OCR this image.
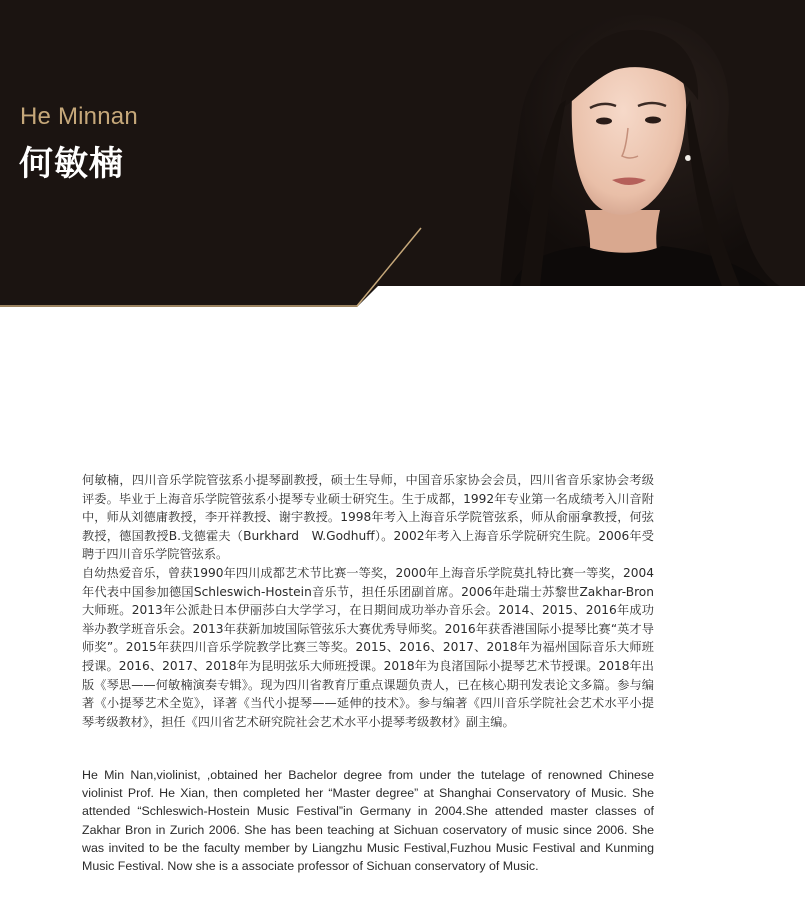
He Minnan
何敏楠

何敏楠，四川音乐学院管弦系小提琴副教授，硕士生导师，中国音乐家协会会员，四川省音乐家协会考级评委。毕业于上海音乐学院管弦系小提琴专业硕士研究生。生于成都，1992年专业第一名成绩考入川音附中，师从刘德庸教授，李开祥教授、谢宇教授。1998年考入上海音乐学院管弦系，师从俞丽拿教授，何弦教授，德国教授B.戈德霍夫（Burkhard　W.Godhuff）。2002年考入上海音乐学院研究生院。2006年受聘于四川音乐学院管弦系。

自幼热爱音乐，曾获1990年四川成都艺术节比赛一等奖，2000年上海音乐学院莫扎特比赛一等奖，2004年代表中国参加德国Schleswich-Hostein音乐节，担任乐团副首席。2006年赴瑞士苏黎世Zakhar-Bron大师班。2013年公派赴日本伊丽莎白大学学习，在日期间成功举办音乐会。2014、2015、2016年成功举办教学班音乐会。2013年获新加坡国际管弦乐大赛优秀导师奖。2016年获香港国际小提琴比赛“英才导师奖”。2015年获四川音乐学院教学比赛三等奖。2015、2016、2017、2018年为福州国际音乐大师班授课。2016、2017、2018年为昆明弦乐大师班授课。2018年为良渚国际小提琴艺术节授课。2018年出版《琴思——何敏楠演奏专辑》。现为四川省教育厅重点课题负责人，已在核心期刊发表论文多篇。参与编著《小提琴艺术全览》，译著《当代小提琴——延伸的技术》。参与编著《四川音乐学院社会艺术水平小提琴考级教材》，担任《四川省艺术研究院社会艺术水平小提琴考级教材》副主编。

He Min Nan,violinist, ,obtained her Bachelor degree from under the tutelage of renowned Chinese violinist Prof. He Xian, then completed her “Master degree” at Shanghai Conservatory of Music. She attended “Schleswich-Hostein Music Festival”in Germany in 2004.She attended master classes of Zakhar Bron in Zurich 2006. She has been teaching at Sichuan coservatory of music since 2006. She was invited to be the faculty member by Liangzhu Music Festival,Fuzhou Music Festival and Kunming Music Festival. Now she is a associate professor of Sichuan conservatory of Music.
